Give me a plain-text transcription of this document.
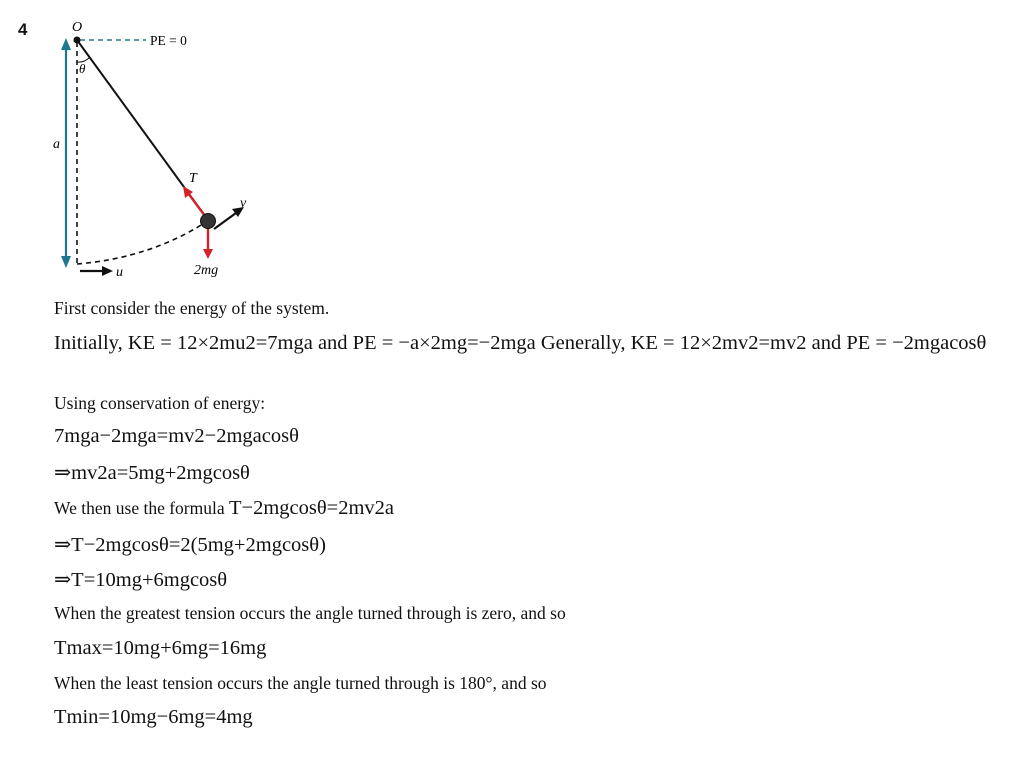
4
PE = 0
a
θ
O
T
2mg
v
u

First consider the energy of the system.

Initially, KE = 12×2mu2=7mga and PE = −a×2mg=−2mga Generally, KE = 12×2mv2=mv2 and PE = −2mgacosθ

Using conservation of energy:

7mga−2mga=mv2−2mgacosθ

⇒mv2a=5mg+2mgcosθ

We then use the formula T−2mgcosθ=2mv2a

⇒T−2mgcosθ=2(5mg+2mgcosθ)

⇒T=10mg+6mgcosθ

When the greatest tension occurs the angle turned through is zero, and so

Tmax=10mg+6mg=16mg

When the least tension occurs the angle turned through is 180°, and so

Tmin=10mg−6mg=4mg
